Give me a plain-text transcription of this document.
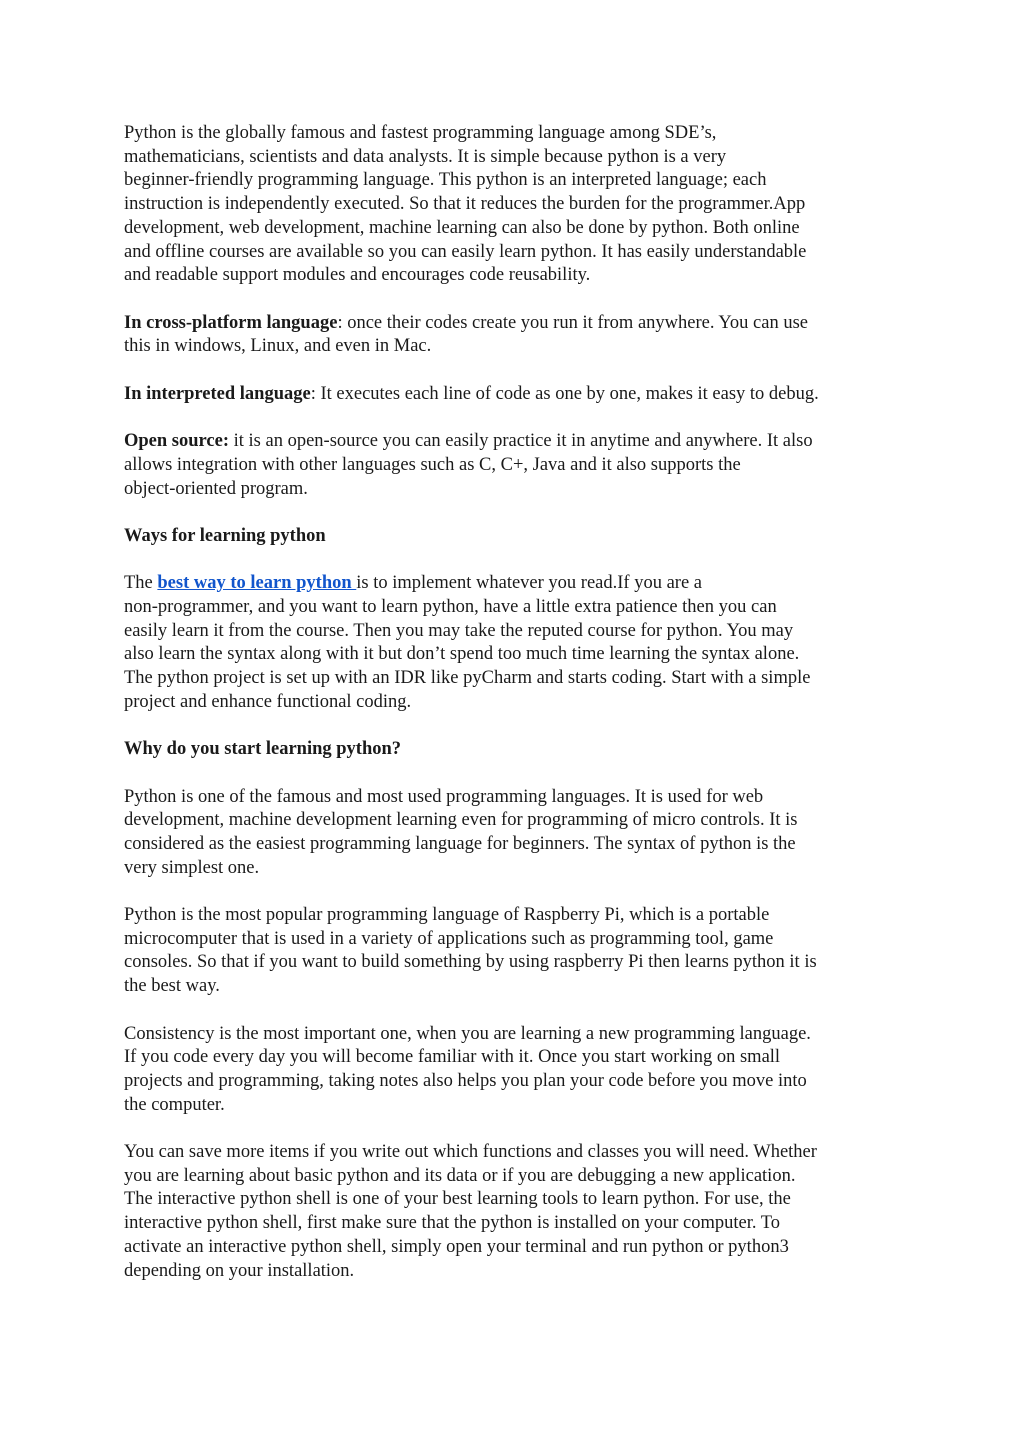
Python is the globally famous and fastest programming language among SDE’s,
mathematicians, scientists and data analysts. It is simple because python is a very
beginner-friendly programming language. This python is an interpreted language; each
instruction is independently executed. So that it reduces the burden for the programmer.App
development, web development, machine learning can also be done by python. Both online
and offline courses are available so you can easily learn python. It has easily understandable
and readable support modules and encourages code reusability.

In cross-platform language: once their codes create you run it from anywhere. You can use
this in windows, Linux, and even in Mac.

In interpreted language: It executes each line of code as one by one, makes it easy to debug.

Open source: it is an open-source you can easily practice it in anytime and anywhere. It also
allows integration with other languages such as C, C+, Java and it also supports the
object-oriented program.

Ways for learning python

The best way to learn python is to implement whatever you read.If you are a
non-programmer, and you want to learn python, have a little extra patience then you can
easily learn it from the course. Then you may take the reputed course for python. You may
also learn the syntax along with it but don’t spend too much time learning the syntax alone.
The python project is set up with an IDR like pyCharm and starts coding. Start with a simple
project and enhance functional coding.

Why do you start learning python?

Python is one of the famous and most used programming languages. It is used for web
development, machine development learning even for programming of micro controls. It is
considered as the easiest programming language for beginners. The syntax of python is the
very simplest one.

Python is the most popular programming language of Raspberry Pi, which is a portable
microcomputer that is used in a variety of applications such as programming tool, game
consoles. So that if you want to build something by using raspberry Pi then learns python it is
the best way.

Consistency is the most important one, when you are learning a new programming language.
If you code every day you will become familiar with it. Once you start working on small
projects and programming, taking notes also helps you plan your code before you move into
the computer.

You can save more items if you write out which functions and classes you will need. Whether
you are learning about basic python and its data or if you are debugging a new application.
The interactive python shell is one of your best learning tools to learn python. For use, the
interactive python shell, first make sure that the python is installed on your computer. To
activate an interactive python shell, simply open your terminal and run python or python3
depending on your installation.
